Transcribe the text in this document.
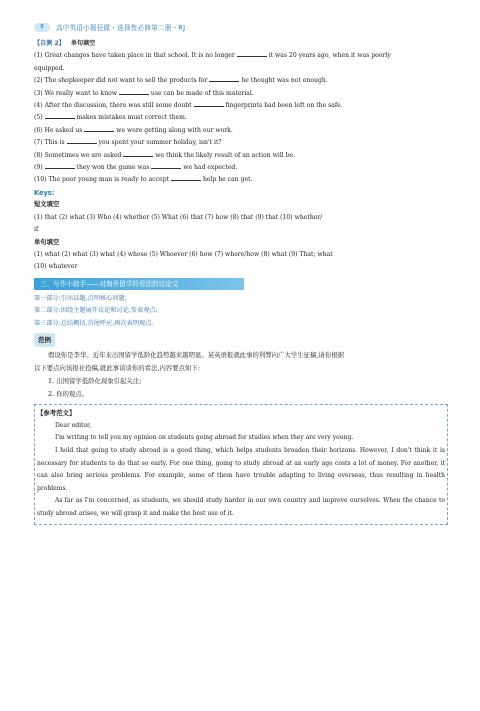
8	高中英语小题狂做・选择性必修第二册・RJ
【自测 2】 单句填空
(1) Great changes have taken place in that school. It is no longer	it was 20 years ago, when it was poorly
equipped.
(2) The shopkeeper did not want to sell the products for	he thought was not enough.
(3) We really want to know	use can be made of this material.
(4) After the discussion, there was still some doubt	fingerprints had been left on the safe.
(5)	makes mistakes must correct them.
(6) He asked us	we were getting along with our work.
(7) This is	you spent your summer holiday, isn't it?
(8) Sometimes we are asked	we think the likely result of an action will be.
(9)	they won the game was	we had expected.
(10) The poor young man is ready to accept	help he can get.
Keys:
短文填空
(1) that (2) what (3) Who (4) whether (5) What (6) that (7) how (8) that (9) that (10) whether/
if
单句填空
(1) what (2) what (3) what (4) whose (5) Whoever (6) how (7) where/how (8) what (9) That; what
(10) whatever
三、写作小助手——对海外留学的看法的议论文
第一部分:引出话题,点明核心问题;
第二部分:围绕主题展开议论和讨论,发表观点;
第三部分:总结概括,首尾呼应,再次表明观点。
范例
假设你是李华。近年来出国留学低龄化趋势越来越明显。某英语报就此事的利弊向广大学生征稿,请你根据
以下要点向该报社投稿,就此事谈谈你的看法,内容要点如下:
1. 出国留学低龄化现象引起关注;
2. 你的观点。
【参考范文】
Dear editor,
I'm writing to tell you my opinion on students going abroad for studies when they are very young.
I hold that going to study abroad is a good thing, which helps students broaden their horizons. However, I don't think it is necessary for students to do that so early. For one thing, going to study abroad at an early age costs a lot of money. For another, it can also bring serious problems. For example, some of them have trouble adapting to living overseas, thus resulting in health problems.
As far as I'm concerned, as students, we should study harder in our own country and improve ourselves. When the chance to study abroad arises, we will grasp it and make the best use of it.
